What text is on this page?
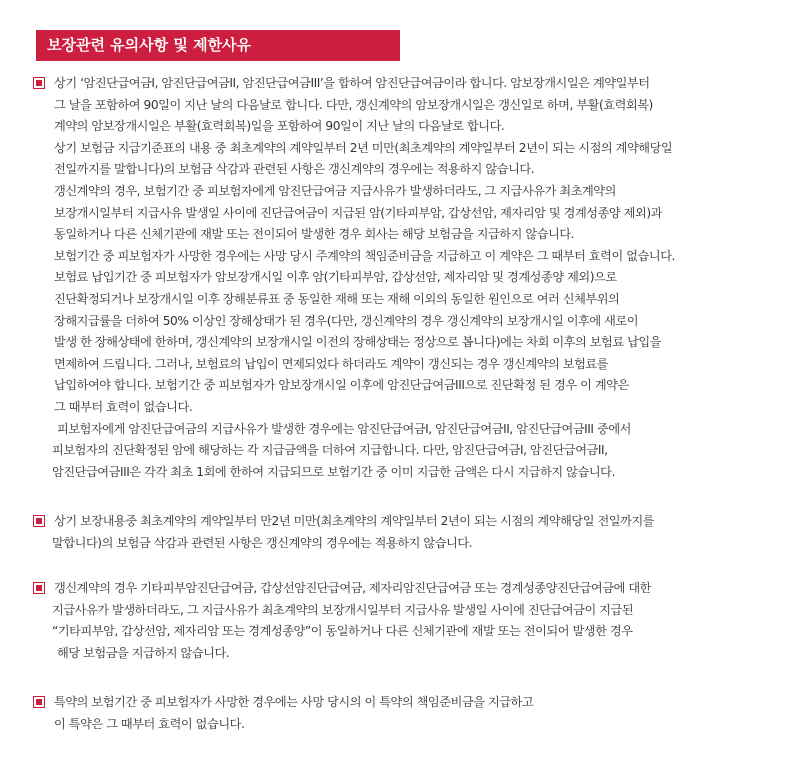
보장관련 유의사항 및 제한사유
상기 ‘암진단급여금I, 암진단급여금II, 암진단급여금III’을 합하여 암진단급여금이라 합니다. 암보장개시일은 계약일부터
그 날을 포함하여 90일이 지난 날의 다음날로 합니다. 다만, 갱신계약의 암보장개시일은 갱신일로 하며, 부활(효력회복)
계약의 암보장개시일은 부활(효력회복)일을 포함하여 90일이 지난 날의 다음날로 합니다.
상기 보험금 지급기준표의 내용 중 최초계약의 계약일부터 2년 미만(최초계약의 계약일부터 2년이 되는 시점의 계약해당일
전일까지를 말합니다)의 보험금 삭감과 관련된 사항은 갱신계약의 경우에는 적용하지 않습니다.
갱신계약의 경우, 보험기간 중 피보험자에게 암진단급여금 지급사유가 발생하더라도, 그 지급사유가 최초계약의
보장개시일부터 지급사유 발생일 사이에 진단급여금이 지급된 암(기타피부암, 갑상선암, 제자리암 및 경계성종양 제외)과
동일하거나 다른 신체기관에 재발 또는 전이되어 발생한 경우 회사는 해당 보험금을 지급하지 않습니다.
보험기간 중 피보험자가 사망한 경우에는 사망 당시 주계약의 책임준비금을 지급하고 이 계약은 그 때부터 효력이 없습니다.
보험료 납입기간 중 피보험자가 암보장개시일 이후 암(기타피부암, 갑상선암, 제자리암 및 경계성종양 제외)으로
진단확정되거나 보장개시일 이후 장해분류표 중 동일한 재해 또는 재해 이외의 동일한 원인으로 여러 신체부위의
장해지급률을 더하여 50% 이상인 장해상태가 된 경우(다만, 갱신계약의 경우 갱신계약의 보장개시일 이후에 새로이
발생 한 장해상태에 한하며, 갱신계약의 보장개시일 이전의 장해상태는 정상으로 봅니다)에는 차회 이후의 보험료 납입을
면제하여 드립니다. 그러나, 보험료의 납입이 면제되었다 하더라도 계약이 갱신되는 경우 갱신계약의 보험료를
납입하여야 합니다. 보험기간 중 피보험자가 암보장개시일 이후에 암진단급여금III으로 진단확정 된 경우 이 계약은
그 때부터 효력이 없습니다.
피보험자에게 암진단급여금의 지급사유가 발생한 경우에는 암진단급여금I, 암진단급여금II, 암진단급여금III 중에서
피보험자의 진단확정된 암에 해당하는 각 지급금액을 더하여 지급합니다. 다만, 암진단급여금I, 암진단급여금II,
암진단급여금III은 각각 최초 1회에 한하여 지급되므로 보험기간 중 이미 지급한 금액은 다시 지급하지 않습니다.
상기 보장내용중 최초계약의 계약일부터 만2년 미만(최초계약의 계약일부터 2년이 되는 시점의 계약해당일 전일까지를
말합니다)의 보험금 삭감과 관련된 사항은 갱신계약의 경우에는 적용하지 않습니다.
갱신계약의 경우 기타피부암진단급여금, 갑상선암진단급여금, 제자리암진단급여금 또는 경계성종양진단급여금에 대한
지급사유가 발생하더라도, 그 지급사유가 최초계약의 보장개시일부터 지급사유 발생일 사이에 진단급여금이 지급된
“기타피부암, 갑상선암, 제자리암 또는 경계성종양”이 동일하거나 다른 신체기관에 재발 또는 전이되어 발생한 경우
해당 보험금을 지급하지 않습니다.
특약의 보험기간 중 피보험자가 사망한 경우에는 사망 당시의 이 특약의 책임준비금을 지급하고
이 특약은 그 때부터 효력이 없습니다.
